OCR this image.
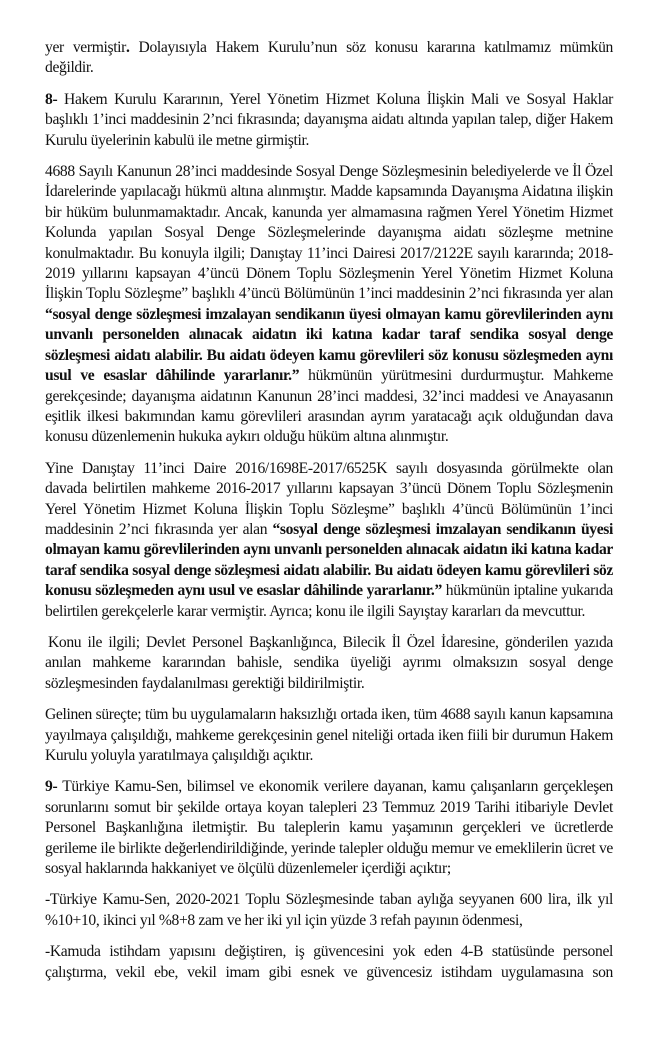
yer vermiştir. Dolayısıyla Hakem Kurulu’nun söz konusu kararına katılmamız mümkün değildir.

8- Hakem Kurulu Kararının, Yerel Yönetim Hizmet Koluna İlişkin Mali ve Sosyal Haklar başlıklı 1’inci maddesinin 2’nci fıkrasında; dayanışma aidatı altında yapılan talep, diğer Hakem Kurulu üyelerinin kabulü ile metne girmiştir.

4688 Sayılı Kanunun 28’inci maddesinde Sosyal Denge Sözleşmesinin belediyelerde ve İl Özel İdarelerinde yapılacağı hükmü altına alınmıştır. Madde kapsamında Dayanışma Aidatına ilişkin bir hüküm bulunmamaktadır. Ancak, kanunda yer almamasına rağmen Yerel Yönetim Hizmet Kolunda yapılan Sosyal Denge Sözleşmelerinde dayanışma aidatı sözleşme metnine konulmaktadır. Bu konuyla ilgili; Danıştay 11’inci Dairesi 2017/2122E sayılı kararında; 2018-2019 yıllarını kapsayan 4’üncü Dönem Toplu Sözleşmenin Yerel Yönetim Hizmet Koluna İlişkin Toplu Sözleşme” başlıklı 4’üncü Bölümünün 1’inci maddesinin 2’nci fıkrasında yer alan “sosyal denge sözleşmesi imzalayan sendikanın üyesi olmayan kamu görevlilerinden aynı unvanlı personelden alınacak aidatın iki katına kadar taraf sendika sosyal denge sözleşmesi aidatı alabilir. Bu aidatı ödeyen kamu görevlileri söz konusu sözleşmeden aynı usul ve esaslar dâhilinde yararlanır.” hükmünün yürütmesini durdurmuştur. Mahkeme gerekçesinde; dayanışma aidatının Kanunun 28’inci maddesi, 32’inci maddesi ve Anayasanın eşitlik ilkesi bakımından kamu görevlileri arasından ayrım yaratacağı açık olduğundan dava konusu düzenlemenin hukuka aykırı olduğu hüküm altına alınmıştır.

Yine Danıştay 11’inci Daire 2016/1698E-2017/6525K sayılı dosyasında görülmekte olan davada belirtilen mahkeme 2016-2017 yıllarını kapsayan 3’üncü Dönem Toplu Sözleşmenin Yerel Yönetim Hizmet Koluna İlişkin Toplu Sözleşme” başlıklı 4’üncü Bölümünün 1’inci maddesinin 2’nci fıkrasında yer alan “sosyal denge sözleşmesi imzalayan sendikanın üyesi olmayan kamu görevlilerinden aynı unvanlı personelden alınacak aidatın iki katına kadar taraf sendika sosyal denge sözleşmesi aidatı alabilir. Bu aidatı ödeyen kamu görevlileri söz konusu sözleşmeden aynı usul ve esaslar dâhilinde yararlanır.” hükmünün iptaline yukarıda belirtilen gerekçelerle karar vermiştir. Ayrıca; konu ile ilgili Sayıştay kararları da mevcuttur.

Konu ile ilgili; Devlet Personel Başkanlığınca, Bilecik İl Özel İdaresine, gönderilen yazıda anılan mahkeme kararından bahisle, sendika üyeliği ayrımı olmaksızın sosyal denge sözleşmesinden faydalanılması gerektiği bildirilmiştir.

Gelinen süreçte; tüm bu uygulamaların haksızlığı ortada iken, tüm 4688 sayılı kanun kapsamına yayılmaya çalışıldığı, mahkeme gerekçesinin genel niteliği ortada iken fiili bir durumun Hakem Kurulu yoluyla yaratılmaya çalışıldığı açıktır.

9- Türkiye Kamu-Sen, bilimsel ve ekonomik verilere dayanan, kamu çalışanların gerçekleşen sorunlarını somut bir şekilde ortaya koyan talepleri 23 Temmuz 2019 Tarihi itibariyle Devlet Personel Başkanlığına iletmiştir. Bu taleplerin kamu yaşamının gerçekleri ve ücretlerde gerileme ile birlikte değerlendirildiğinde, yerinde talepler olduğu memur ve emeklilerin ücret ve sosyal haklarında hakkaniyet ve ölçülü düzenlemeler içerdiği açıktır;

-Türkiye Kamu-Sen, 2020-2021 Toplu Sözleşmesinde taban aylığa seyyanen 600 lira, ilk yıl %10+10, ikinci yıl %8+8 zam ve her iki yıl için yüzde 3 refah payının ödenmesi,

-Kamuda istihdam yapısını değiştiren, iş güvencesini yok eden 4-B statüsünde personel çalıştırma, vekil ebe, vekil imam gibi esnek ve güvencesiz istihdam uygulamasına son
